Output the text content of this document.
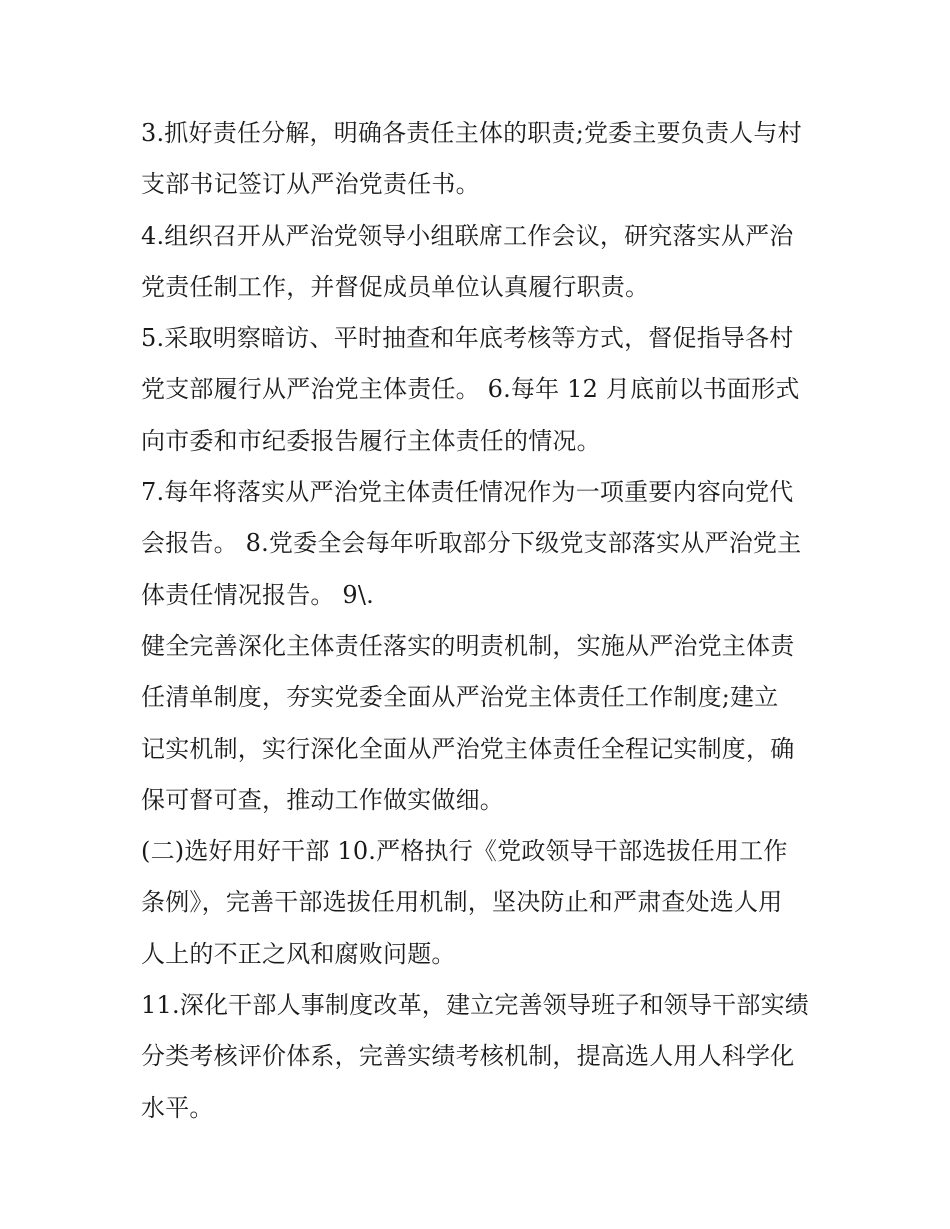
3.抓好责任分解，明确各责任主体的职责;党委主要负责人与村
支部书记签订从严治党责任书。
4.组织召开从严治党领导小组联席工作会议，研究落实从严治
党责任制工作，并督促成员单位认真履行职责。
5.采取明察暗访、平时抽查和年底考核等方式，督促指导各村
党支部履行从严治党主体责任。 6.每年 12 月底前以书面形式
向市委和市纪委报告履行主体责任的情况。
7.每年将落实从严治党主体责任情况作为一项重要内容向党代
会报告。 8.党委全会每年听取部分下级党支部落实从严治党主
体责任情况报告。 9\.
健全完善深化主体责任落实的明责机制，实施从严治党主体责
任清单制度，夯实党委全面从严治党主体责任工作制度;建立
记实机制，实行深化全面从严治党主体责任全程记实制度，确
保可督可查，推动工作做实做细。
(二)选好用好干部 10.严格执行《党政领导干部选拔任用工作
条例》，完善干部选拔任用机制，坚决防止和严肃查处选人用
人上的不正之风和腐败问题。
11.深化干部人事制度改革，建立完善领导班子和领导干部实绩
分类考核评价体系，完善实绩考核机制，提高选人用人科学化
水平。
